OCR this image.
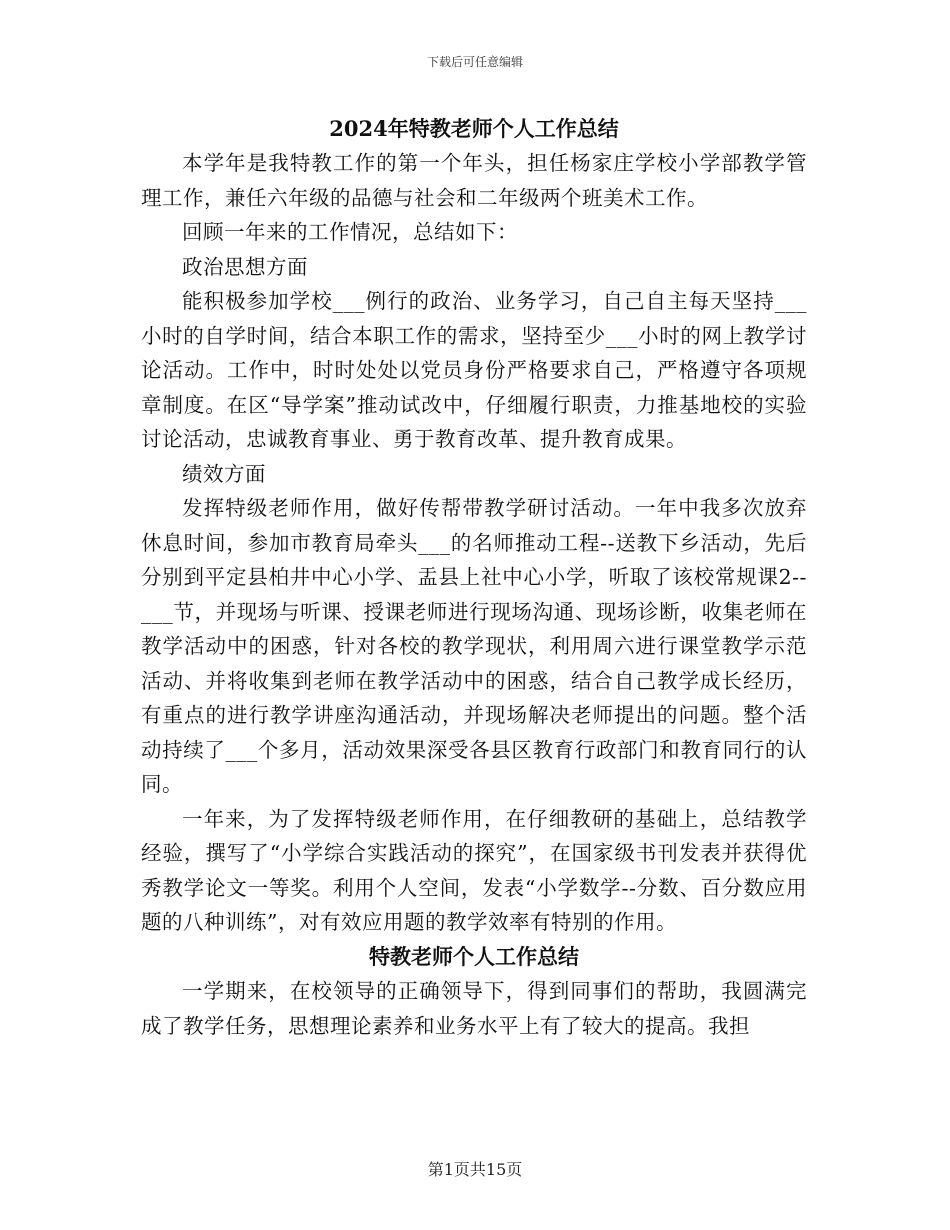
下载后可任意编辑
2024年特教老师个人工作总结

本学年是我特教工作的第一个年头，担任杨家庄学校小学部教学管理工作，兼任六年级的品德与社会和二年级两个班美术工作。

回顾一年来的工作情况，总结如下：

政治思想方面

能积极参加学校___例行的政治、业务学习，自己自主每天坚持___小时的自学时间，结合本职工作的需求，坚持至少___小时的网上教学讨论活动。工作中，时时处处以党员身份严格要求自己，严格遵守各项规章制度。在区“导学案”推动试改中，仔细履行职责，力推基地校的实验讨论活动，忠诚教育事业、勇于教育改革、提升教育成果。

绩效方面

发挥特级老师作用，做好传帮带教学研讨活动。一年中我多次放弃休息时间，参加市教育局牵头___的名师推动工程--送教下乡活动，先后分别到平定县柏井中心小学、盂县上社中心小学，听取了该校常规课2--___节，并现场与听课、授课老师进行现场沟通、现场诊断，收集老师在教学活动中的困惑，针对各校的教学现状，利用周六进行课堂教学示范活动、并将收集到老师在教学活动中的困惑，结合自己教学成长经历，有重点的进行教学讲座沟通活动，并现场解决老师提出的问题。整个活动持续了___个多月，活动效果深受各县区教育行政部门和教育同行的认同。

一年来，为了发挥特级老师作用，在仔细教研的基础上，总结教学经验，撰写了“小学综合实践活动的探究”，在国家级书刊发表并获得优秀教学论文一等奖。利用个人空间，发表“小学数学--分数、百分数应用题的八种训练”，对有效应用题的教学效率有特别的作用。

特教老师个人工作总结

一学期来，在校领导的正确领导下，得到同事们的帮助，我圆满完成了教学任务，思想理论素养和业务水平上有了较大的提高。我担

第1页共15页
